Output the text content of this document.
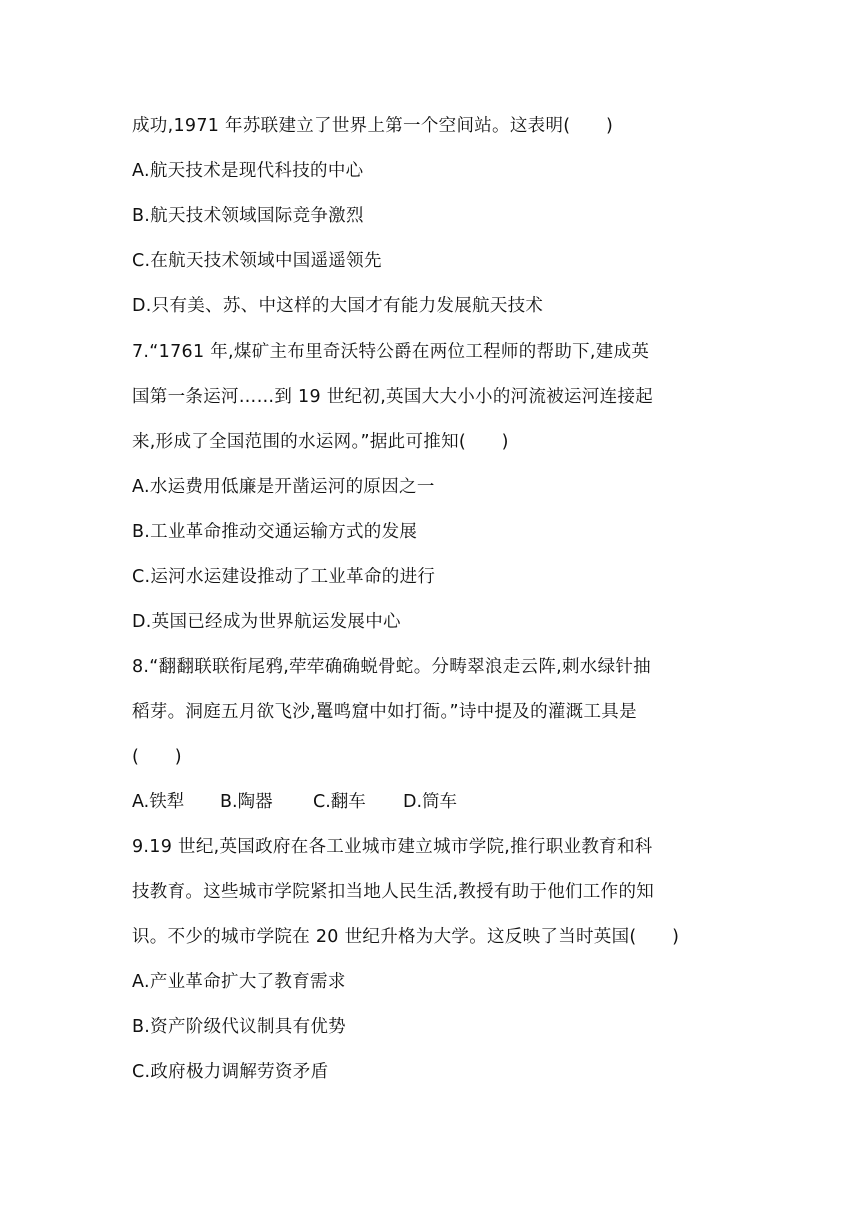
成功,1971 年苏联建立了世界上第一个空间站。这表明(　　)
A.航天技术是现代科技的中心
B.航天技术领域国际竞争激烈
C.在航天技术领域中国遥遥领先
D.只有美、苏、中这样的大国才有能力发展航天技术
7.“1761 年,煤矿主布里奇沃特公爵在两位工程师的帮助下,建成英
国第一条运河……到 19 世纪初,英国大大小小的河流被运河连接起
来,形成了全国范围的水运网。”据此可推知(　　)
A.水运费用低廉是开凿运河的原因之一
B.工业革命推动交通运输方式的发展
C.运河水运建设推动了工业革命的进行
D.英国已经成为世界航运发展中心
8.“翻翻联联衔尾鸦,荦荦确确蜕骨蛇。分畴翠浪走云阵,刺水绿针抽
稻芽。洞庭五月欲飞沙,鼍鸣窟中如打衙。”诗中提及的灌溉工具是
(　　)
A.铁犁 B.陶器 C.翻车 D.筒车
9.19 世纪,英国政府在各工业城市建立城市学院,推行职业教育和科
技教育。这些城市学院紧扣当地人民生活,教授有助于他们工作的知
识。不少的城市学院在 20 世纪升格为大学。这反映了当时英国(　　)
A.产业革命扩大了教育需求
B.资产阶级代议制具有优势
C.政府极力调解劳资矛盾
